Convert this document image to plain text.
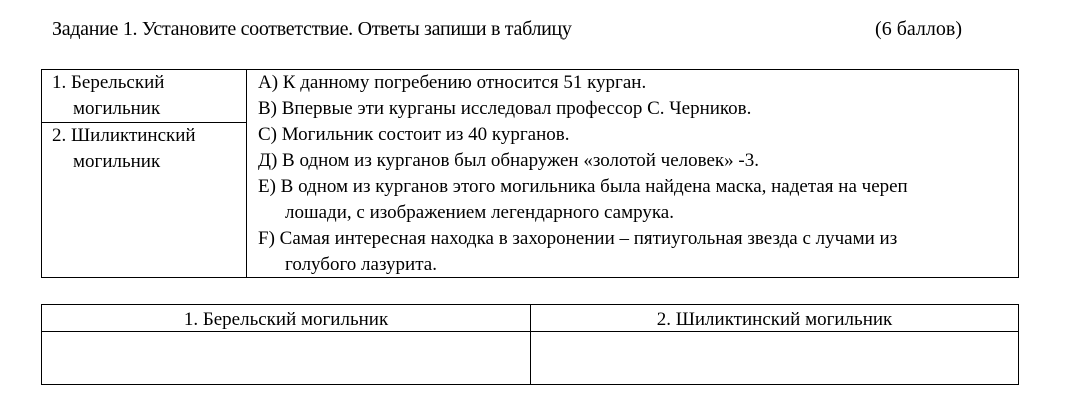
Задание 1. Установите соответствие. Ответы запиши в таблицу	(6 баллов)
1. Берельский
могильник
2. Шиликтинский
могильник
А) К данному погребению относится 51 курган.
В) Впервые эти курганы исследовал профессор С. Черников.
С) Могильник состоит из 40 курганов.
Д) В одном из курганов был обнаружен «золотой человек» -3.
Е) В одном из курганов этого могильника была найдена маска, надетая на череп
лошади, с изображением легендарного самрука.
F) Самая интересная находка в захоронении – пятиугольная звезда с лучами из
голубого лазурита.
1. Берельский могильник	2. Шиликтинский могильник
